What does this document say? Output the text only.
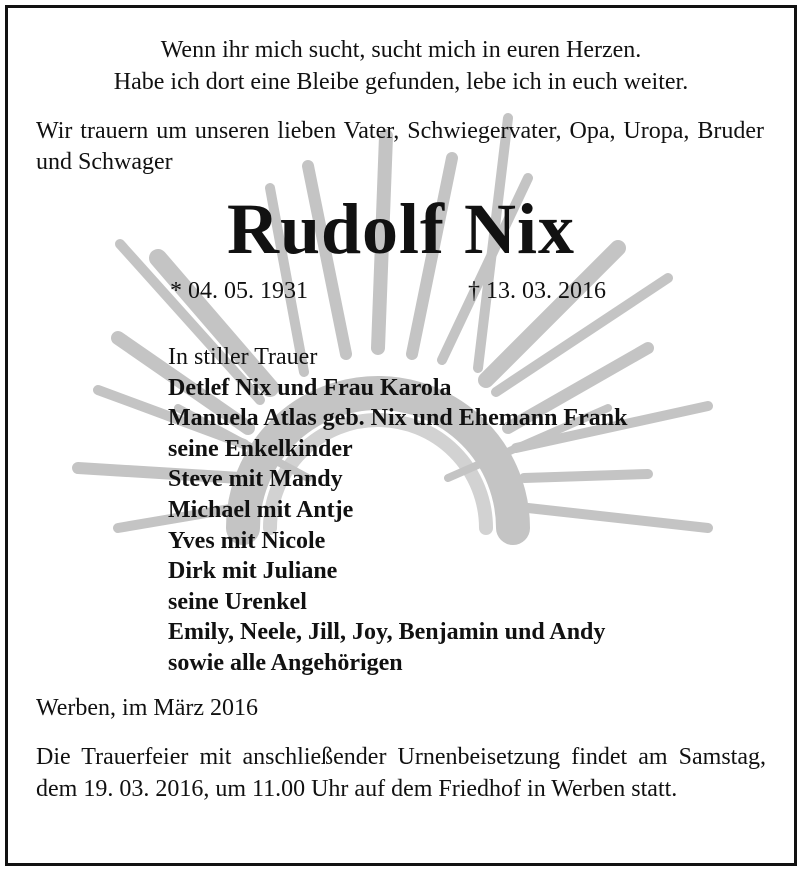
Wenn ihr mich sucht, sucht mich in euren Herzen.
Habe ich dort eine Bleibe gefunden, lebe ich in euch weiter.

Wir trauern um unseren lieben Vater, Schwiegervater, Opa, Uropa, Bruder und Schwager

Rudolf Nix

* 04. 05. 1931	† 13. 03. 2016

In stiller Trauer
Detlef Nix und Frau Karola
Manuela Atlas geb. Nix und Ehemann Frank
seine Enkelkinder
Steve mit Mandy
Michael mit Antje
Yves mit Nicole
Dirk mit Juliane
seine Urenkel
Emily, Neele, Jill, Joy, Benjamin und Andy
sowie alle Angehörigen

Werben, im März 2016

Die Trauerfeier mit anschließender Urnenbeisetzung findet am Samstag, dem 19. 03. 2016, um 11.00 Uhr auf dem Friedhof in Werben statt.
